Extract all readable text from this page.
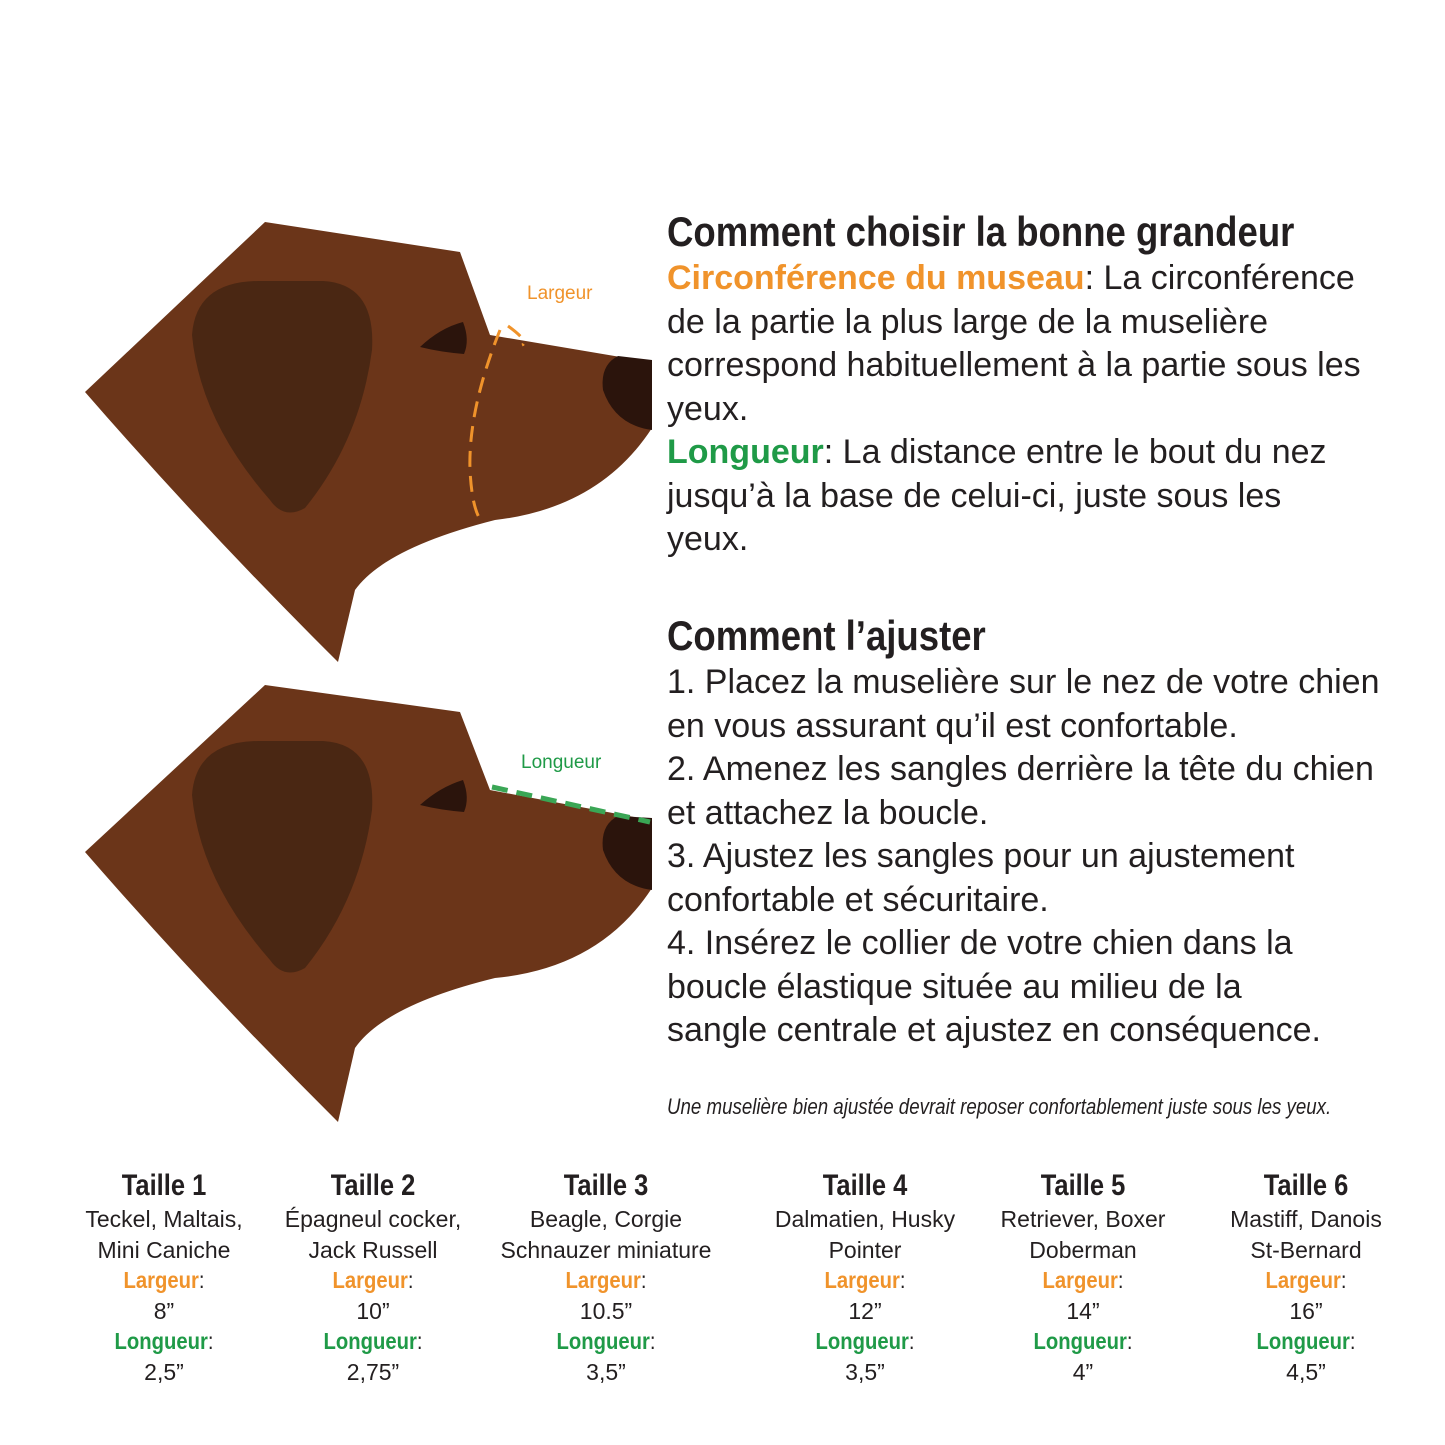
Largeur
Longueur
Comment choisir la bonne grandeur

Circonférence du museau: La circonférence
de la partie la plus large de la muselière
correspond habituellement à la partie sous les
yeux.

Longueur: La distance entre le bout du nez
jusqu’à la base de celui-ci, juste sous les
yeux.

Comment l’ajuster

1. Placez la muselière sur le nez de votre chien
en vous assurant qu’il est confortable.
2. Amenez les sangles derrière la tête du chien
et attachez la boucle.
3. Ajustez les sangles pour un ajustement
confortable et sécuritaire.
4. Insérez le collier de votre chien dans la
boucle élastique située au milieu de la
sangle centrale et ajustez en conséquence.

Une muselière bien ajustée devrait reposer confortablement juste sous les yeux.
Taille 1
Teckel, Maltais,
Mini Caniche
Largeur:
8”
Longueur:
2,5”
Taille 2
Épagneul cocker,
Jack Russell
Largeur:
10”
Longueur:
2,75”
Taille 3
Beagle, Corgie
Schnauzer miniature
Largeur:
10.5”
Longueur:
3,5”
Taille 4
Dalmatien, Husky
Pointer
Largeur:
12”
Longueur:
3,5”
Taille 5
Retriever, Boxer
Doberman
Largeur:
14”
Longueur:
4”
Taille 6
Mastiff, Danois
St-Bernard
Largeur:
16”
Longueur:
4,5”
